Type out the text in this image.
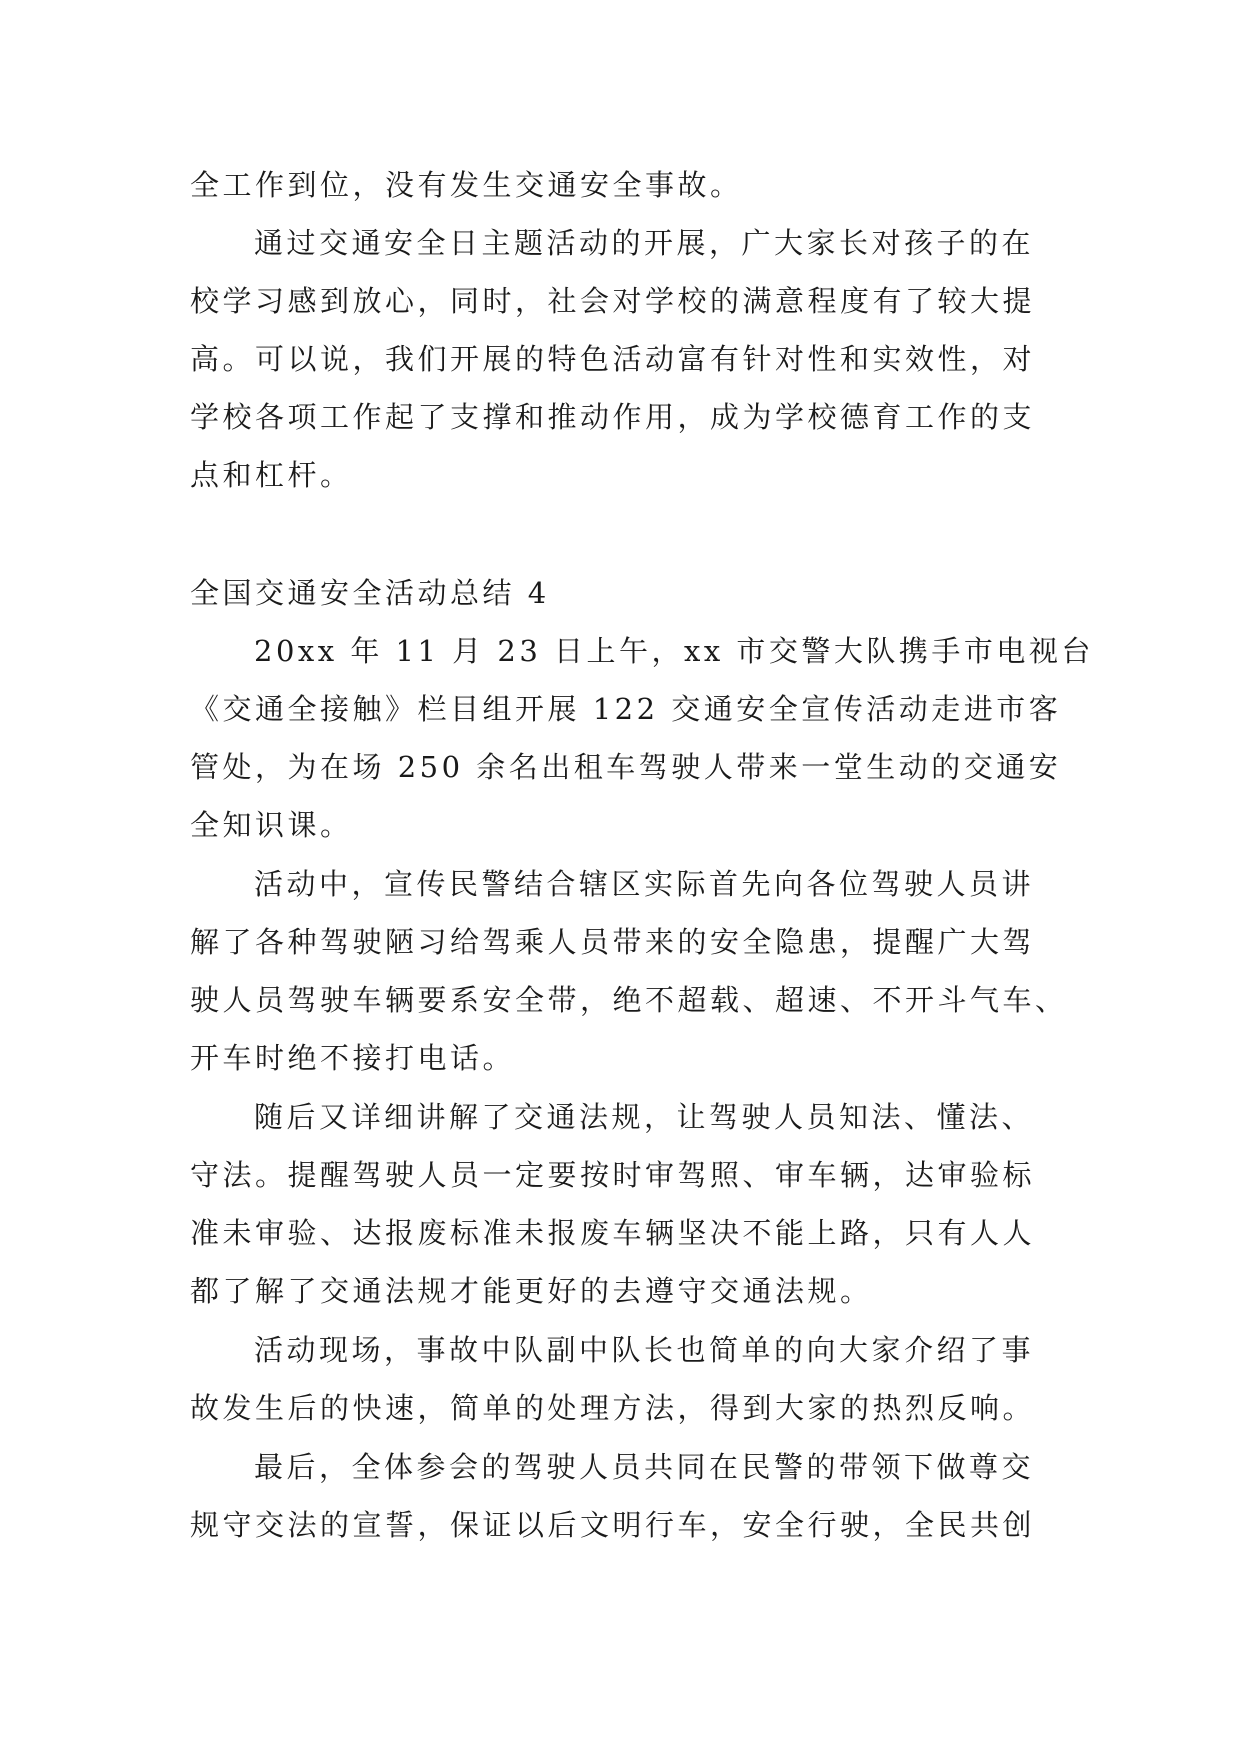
全工作到位，没有发生交通安全事故。
通过交通安全日主题活动的开展，广大家长对孩子的在
校学习感到放心，同时，社会对学校的满意程度有了较大提
高。可以说，我们开展的特色活动富有针对性和实效性，对
学校各项工作起了支撑和推动作用，成为学校德育工作的支
点和杠杆。
全国交通安全活动总结 4
20xx 年 11 月 23 日上午，xx 市交警大队携手市电视台
《交通全接触》栏目组开展 122 交通安全宣传活动走进市客
管处，为在场 250 余名出租车驾驶人带来一堂生动的交通安
全知识课。
活动中，宣传民警结合辖区实际首先向各位驾驶人员讲
解了各种驾驶陋习给驾乘人员带来的安全隐患，提醒广大驾
驶人员驾驶车辆要系安全带，绝不超载、超速、不开斗气车、
开车时绝不接打电话。
随后又详细讲解了交通法规，让驾驶人员知法、懂法、
守法。提醒驾驶人员一定要按时审驾照、审车辆，达审验标
准未审验、达报废标准未报废车辆坚决不能上路，只有人人
都了解了交通法规才能更好的去遵守交通法规。
活动现场，事故中队副中队长也简单的向大家介绍了事
故发生后的快速，简单的处理方法，得到大家的热烈反响。
最后，全体参会的驾驶人员共同在民警的带领下做尊交
规守交法的宣誓，保证以后文明行车，安全行驶，全民共创
